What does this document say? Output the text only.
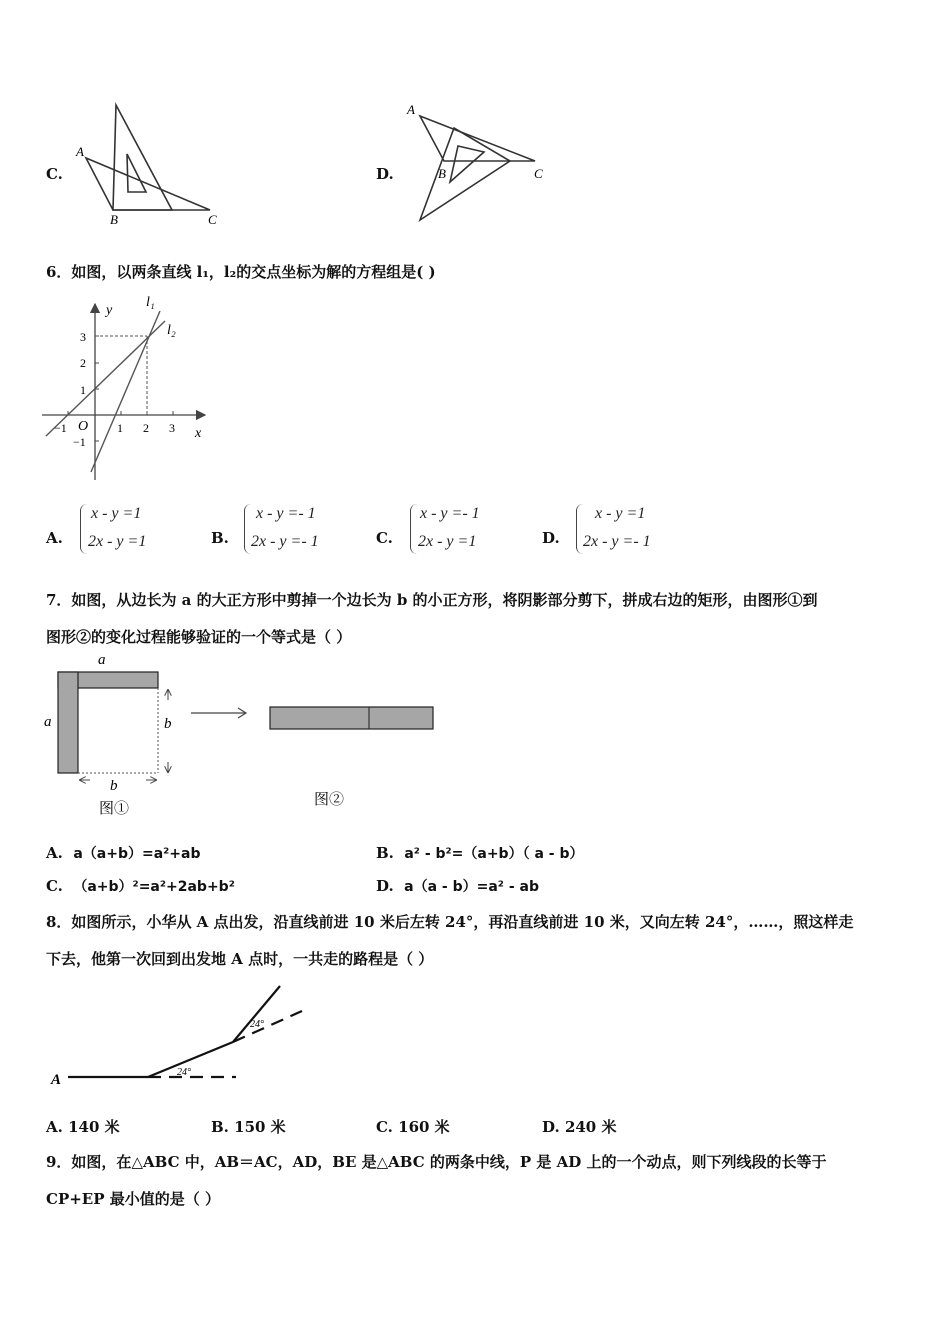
C.
A
B	C
D.
A
B	C
6．如图，以两条直线 l₁，l₂的交点坐标为解的方程组是( )
y
x
O
l₁
l₂
−1	1 2 3
3
2
1
−1
A.
x - y =1
2x - y =1	B.
x - y =- 1
2x - y =- 1	C.
x - y =- 1
2x - y =1	D.
x - y =1
2x - y =- 1
7．如图，从边长为 a 的大正方形中剪掉一个边长为 b 的小正方形，将阴影部分剪下，拼成右边的矩形，由图形①到
图形②的变化过程能够验证的一个等式是（ ）
a
a	b
b
图①
图②
A. a（a+b）=a²+ab	B. a² - b²=（a+b）（ a - b）
C. （a+b）²=a²+2ab+b²	D. a（a - b）=a² - ab
8．如图所示，小华从 A 点出发，沿直线前进 10 米后左转 24°，再沿直线前进 10 米，又向左转 24°，……，照这样走
下去，他第一次回到出发地 A 点时，一共走的路程是（ ）
A	24°
24°
A. 140 米	B. 150 米	C. 160 米	D. 240 米
9．如图，在△ABC 中，AB＝AC，AD，BE 是△ABC 的两条中线，P 是 AD 上的一个动点，则下列线段的长等于
CP+EP 最小值的是（ ）
